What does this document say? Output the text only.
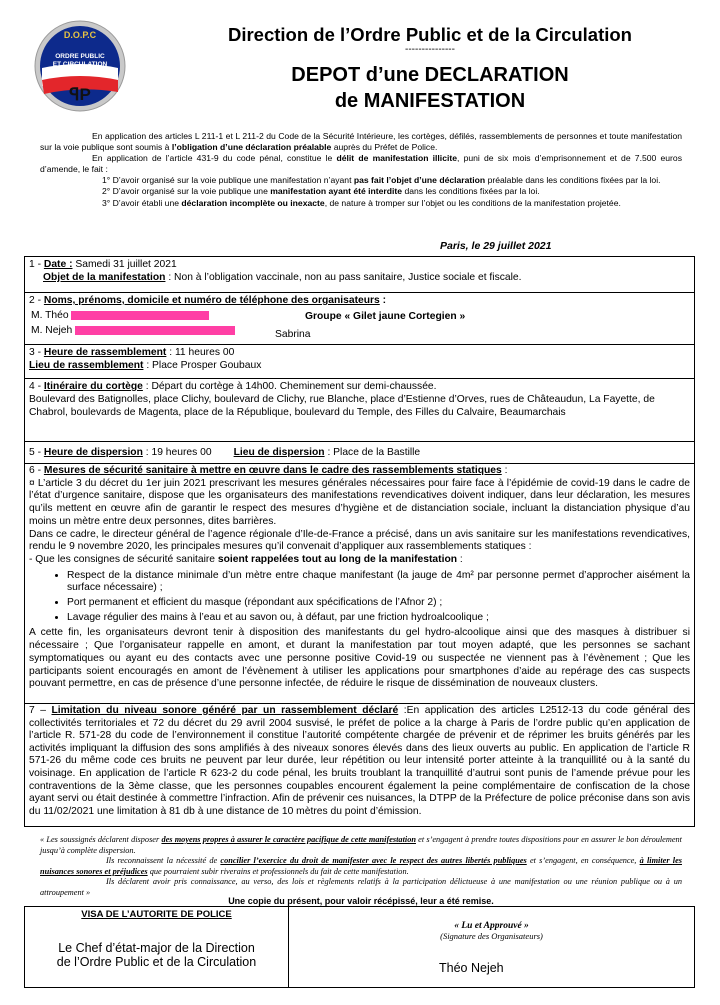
D.O.P.C
ORDRE PUBLIC
ET CIRCULATION
ꟼP
Direction de l’Ordre Public et de la Circulation
---------------
DEPOT d’une DECLARATION
de MANIFESTATION

En application des articles L 211-1 et L 211-2 du Code de la Sécurité Intérieure, les cortèges, défilés, rassemblements de personnes et toute manifestation sur la voie publique sont soumis à l’obligation d’une déclaration préalable auprès du Préfet de Police.

En application de l’article 431-9 du code pénal, constitue le délit de manifestation illicite, puni de six mois d’emprisonnement et de 7.500 euros d’amende, le fait :

1° D’avoir organisé sur la voie publique une manifestation n’ayant pas fait l’objet d’une déclaration préalable dans les conditions fixées par la loi.

2° D’avoir organisé sur la voie publique une manifestation ayant été interdite dans les conditions fixées par la loi.

3° D’avoir établi une déclaration incomplète ou inexacte, de nature à tromper sur l’objet ou les conditions de la manifestation projetée.

Paris, le 29 juillet 2021

1 - Date : Samedi 31 juillet 2021

Objet de la manifestation : Non à l’obligation vaccinale, non au pass sanitaire, Justice sociale et fiscale.

2 - Noms, prénoms, domicile et numéro de téléphone des organisateurs :

M. Théo
M. Nejeh
Groupe « Gilet jaune Cortegien »
Sabrina

3 - Heure de rassemblement : 11 heures 00

Lieu de rassemblement : Place Prosper Goubaux

4 - Itinéraire du cortège : Départ du cortège à 14h00. Cheminement sur demi-chaussée.

Boulevard des Batignolles, place Clichy, boulevard de Clichy, rue Blanche, place d’Estienne d’Orves, rues de Châteaudun, La Fayette, de Chabrol, boulevards de Magenta, place de la République, boulevard du Temple, des Filles du Calvaire, Beaumarchais

5 - Heure de dispersion : 19 heures 00 Lieu de dispersion : Place de la Bastille

6 - Mesures de sécurité sanitaire à mettre en œuvre dans le cadre des rassemblements statiques :

¤ L’article 3 du décret du 1er juin 2021 prescrivant les mesures générales nécessaires pour faire face à l’épidémie de covid-19 dans le cadre de l’état d’urgence sanitaire, dispose que les organisateurs des manifestations revendicatives doivent indiquer, dans leur déclaration, les mesures qu’ils mettent en œuvre afin de garantir le respect des mesures d’hygiène et de distanciation sociale, incluant la distanciation physique d’au moins un mètre entre deux personnes, dites barrières.

Dans ce cadre, le directeur général de l’agence régionale d’Ile-de-France a précisé, dans un avis sanitaire sur les manifestations revendicatives, rendu le 9 novembre 2020, les principales mesures qu’il convenait d’appliquer aux rassemblements statiques :

- Que les consignes de sécurité sanitaire soient rappelées tout au long de la manifestation :

• Respect de la distance minimale d’un mètre entre chaque manifestant (la jauge de 4m² par personne permet d’approcher aisément la surface nécessaire) ;
• Port permanent et efficient du masque (répondant aux spécifications de l’Afnor 2) ;
• Lavage régulier des mains à l’eau et au savon ou, à défaut, par une friction hydroalcoolique ;

A cette fin, les organisateurs devront tenir à disposition des manifestants du gel hydro-alcoolique ainsi que des masques à distribuer si nécessaire ; Que l’organisateur rappelle en amont, et durant la manifestation par tout moyen adapté, que les personnes se sachant symptomatiques ou ayant eu des contacts avec une personne positive Covid-19 ou suspectée ne viennent pas à l’évènement ; Que les participants soient encouragés en amont de l’évènement à utiliser les applications pour smartphones d’aide au repérage des cas suspects pouvant permettre, en cas de présence d’une personne infectée, de réduire le risque de dissémination de nouveaux clusters.

7 – Limitation du niveau sonore généré par un rassemblement déclaré :En application des articles L2512-13 du code général des collectivités territoriales et 72 du décret du 29 avril 2004 susvisé, le préfet de police a la charge à Paris de l’ordre public qu’en application de l’article R. 571-28 du code de l’environnement il constitue l’autorité compétente chargée de prévenir et de réprimer les bruits générés par les activités impliquant la diffusion des sons amplifiés à des niveaux sonores élevés dans des lieux ouverts au public. En application de l’article R 571-26 du même code ces bruits ne peuvent par leur durée, leur répétition ou leur intensité porter atteinte à la tranquillité ou à la santé du voisinage. En application de l’article R 623-2 du code pénal, les bruits troublant la tranquillité d’autrui sont punis de l’amende prévue pour les contraventions de la 3ème classe, que les personnes coupables encourent également la peine complémentaire de confiscation de la chose ayant servi ou était destinée à commettre l’infraction. Afin de prévenir ces nuisances, la DTPP de la Préfecture de police préconise dans son avis du 11/02/2021 une limitation à 81 db à une distance de 10 mètres du point d’émission.

« Les soussignés déclarent disposer des moyens propres à assurer le caractère pacifique de cette manifestation et s’engagent à prendre toutes dispositions pour en assurer le bon déroulement jusqu’à complète dispersion.

Ils reconnaissent la nécessité de concilier l’exercice du droit de manifester avec le respect des autres libertés publiques et s’engagent, en conséquence, à limiter les nuisances sonores et préjudices que pourraient subir riverains et professionnels du fait de cette manifestation.

Ils déclarent avoir pris connaissance, au verso, des lois et règlements relatifs à la participation délictueuse à une manifestation ou une réunion publique ou à un attroupement »

Une copie du présent, pour valoir récépissé, leur a été remise.
VISA DE L’AUTORITE DE POLICE
Le Chef d’état-major de la Direction
de l’Ordre Public et de la Circulation
« Lu et Approuvé »
(Signature des Organisateurs)
Théo Nejeh
